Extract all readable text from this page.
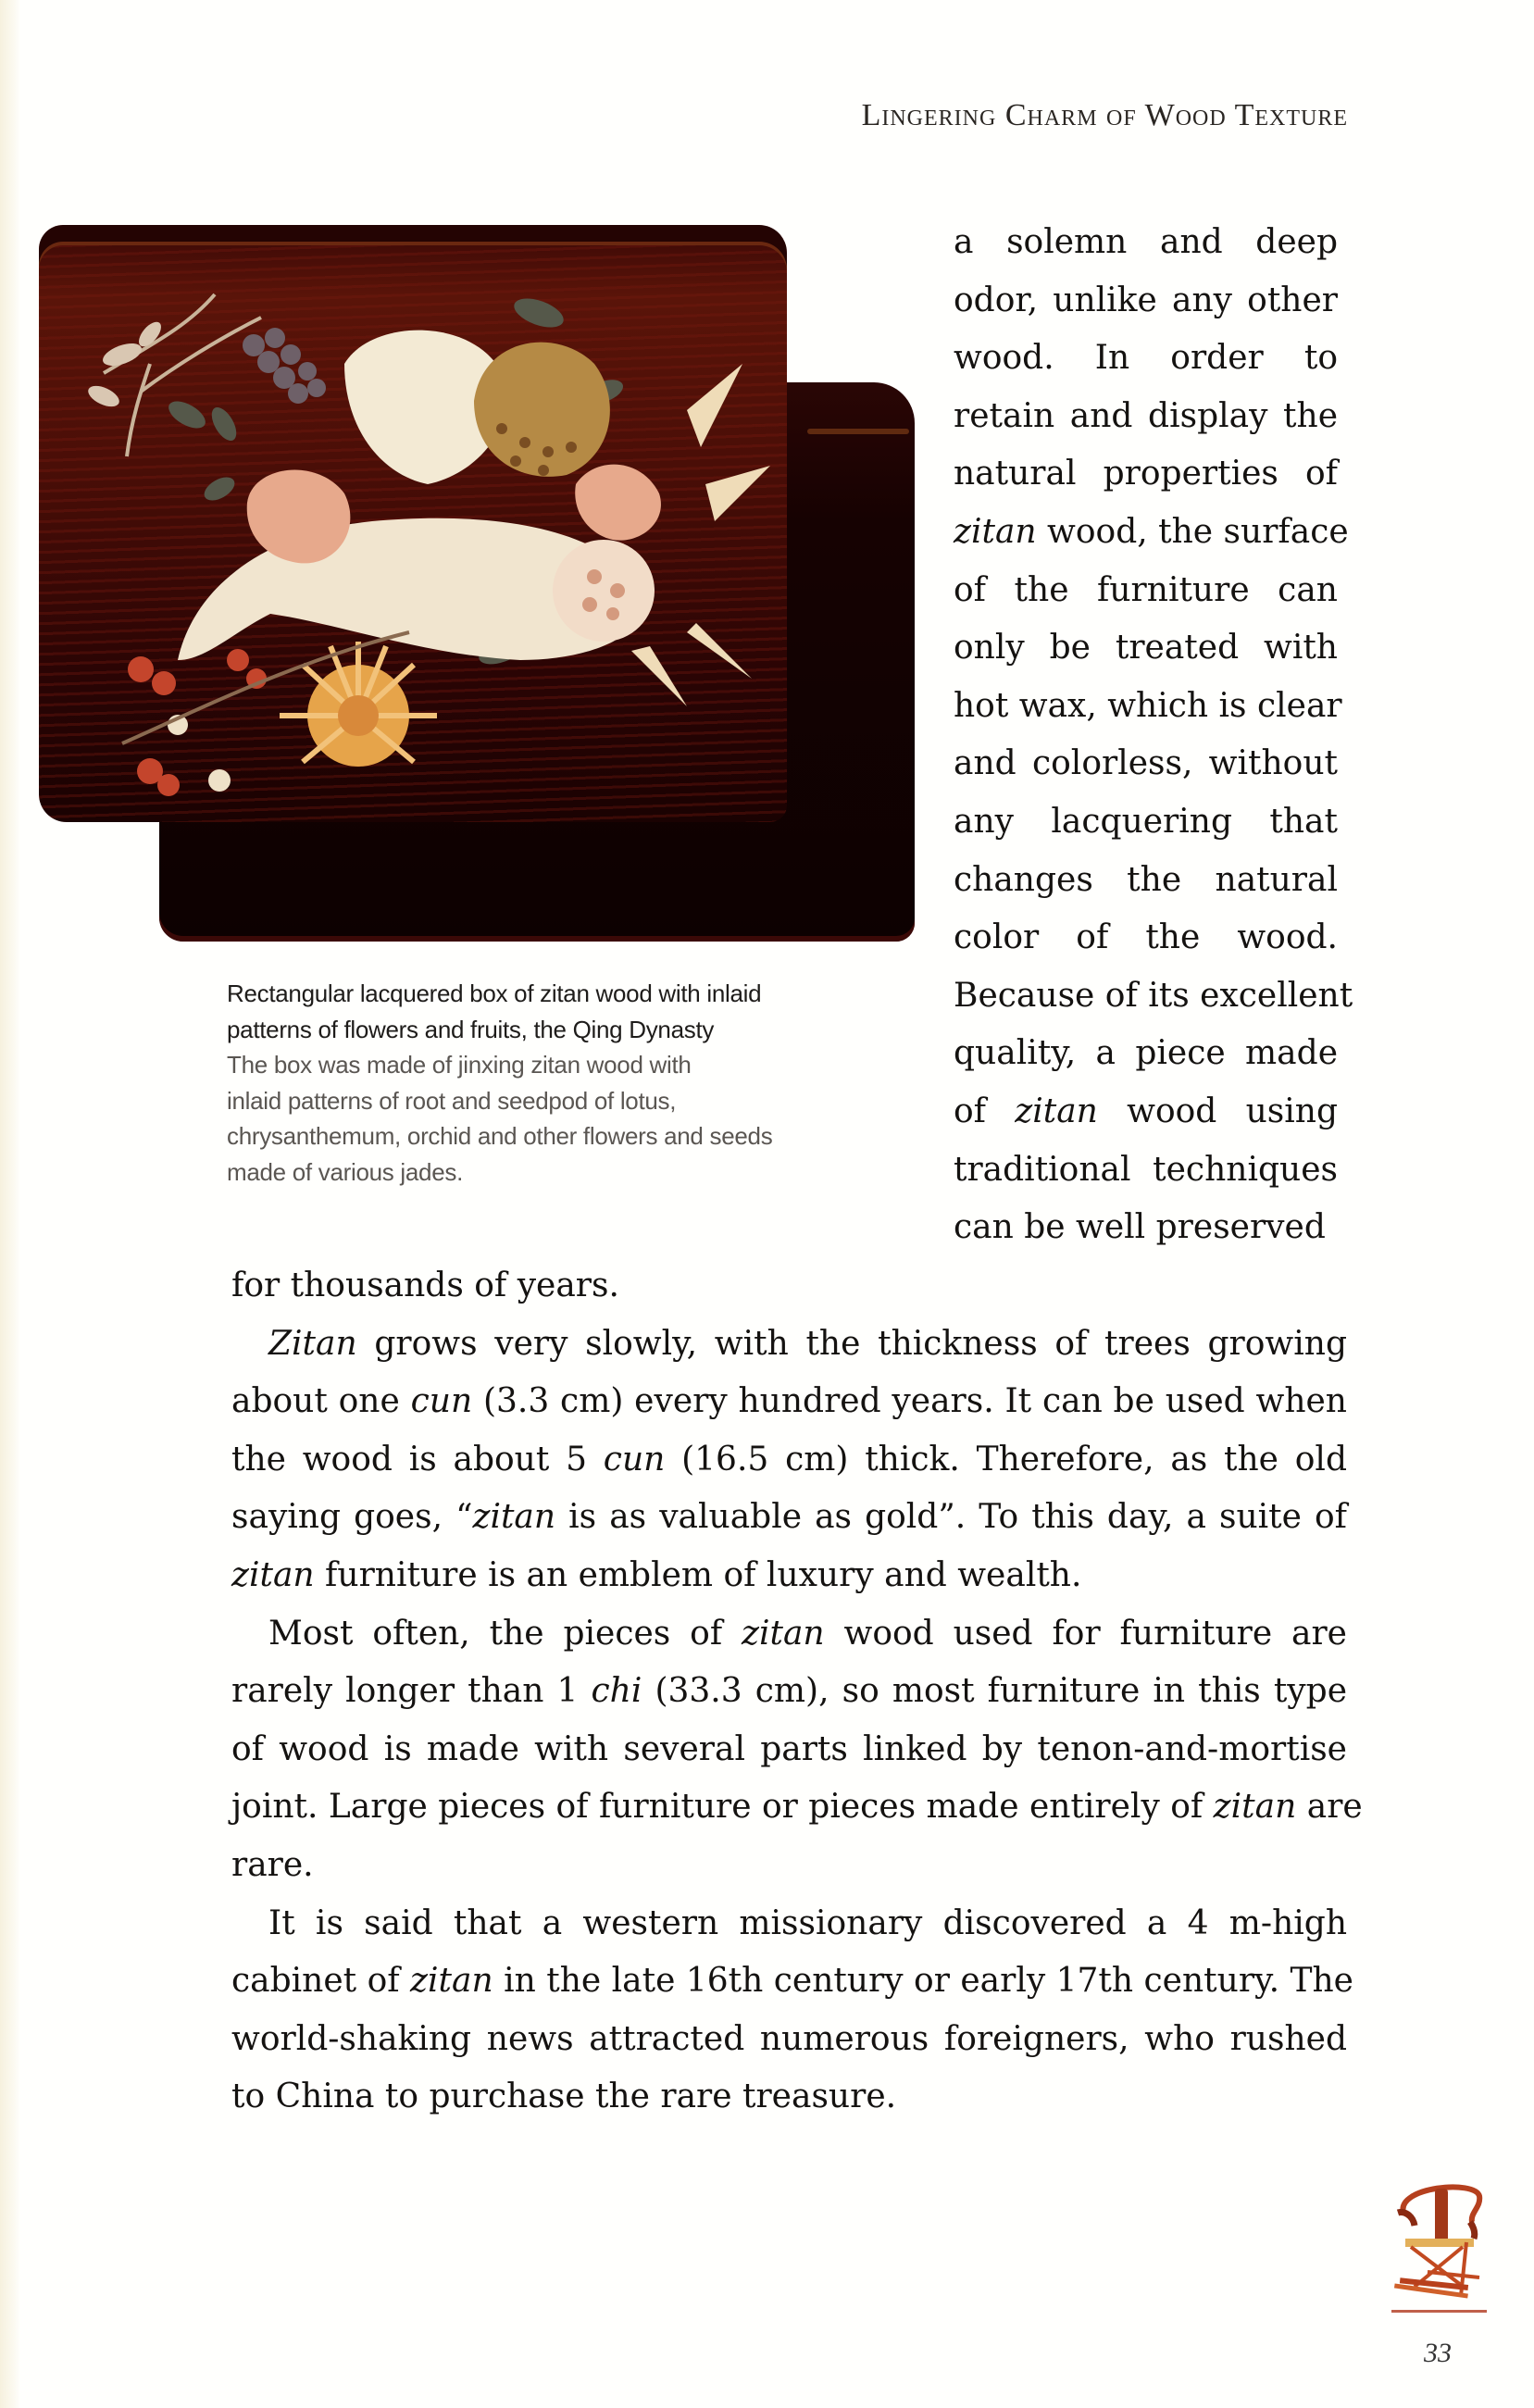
Lingering Charm of Wood Texture
Rectangular lacquered box of zitan wood with inlaid
patterns of flowers and fruits, the Qing Dynasty
The box was made of jinxing zitan wood with
inlaid patterns of root and seedpod of lotus,
chrysanthemum, orchid and other flowers and seeds
made of various jades.
a solemn and deep
odor, unlike any other
wood. In order to
retain and display the
natural properties of
zitan wood, the surface
of the furniture can
only be treated with
hot wax, which is clear
and colorless, without
any lacquering that
changes the natural
color of the wood.
Because of its excellent
quality, a piece made
of zitan wood using
traditional techniques
can be well preserved
for thousands of years.
Zitan grows very slowly, with the thickness of trees growing
about one cun (3.3 cm) every hundred years. It can be used when
the wood is about 5 cun (16.5 cm) thick. Therefore, as the old
saying goes, “zitan is as valuable as gold”. To this day, a suite of
zitan furniture is an emblem of luxury and wealth.
Most often, the pieces of zitan wood used for furniture are
rarely longer than 1 chi (33.3 cm), so most furniture in this type
of wood is made with several parts linked by tenon-and-mortise
joint. Large pieces of furniture or pieces made entirely of zitan are
rare.
It is said that a western missionary discovered a 4 m-high
cabinet of zitan in the late 16th century or early 17th century. The
world-shaking news attracted numerous foreigners, who rushed
to China to purchase the rare treasure.
33
